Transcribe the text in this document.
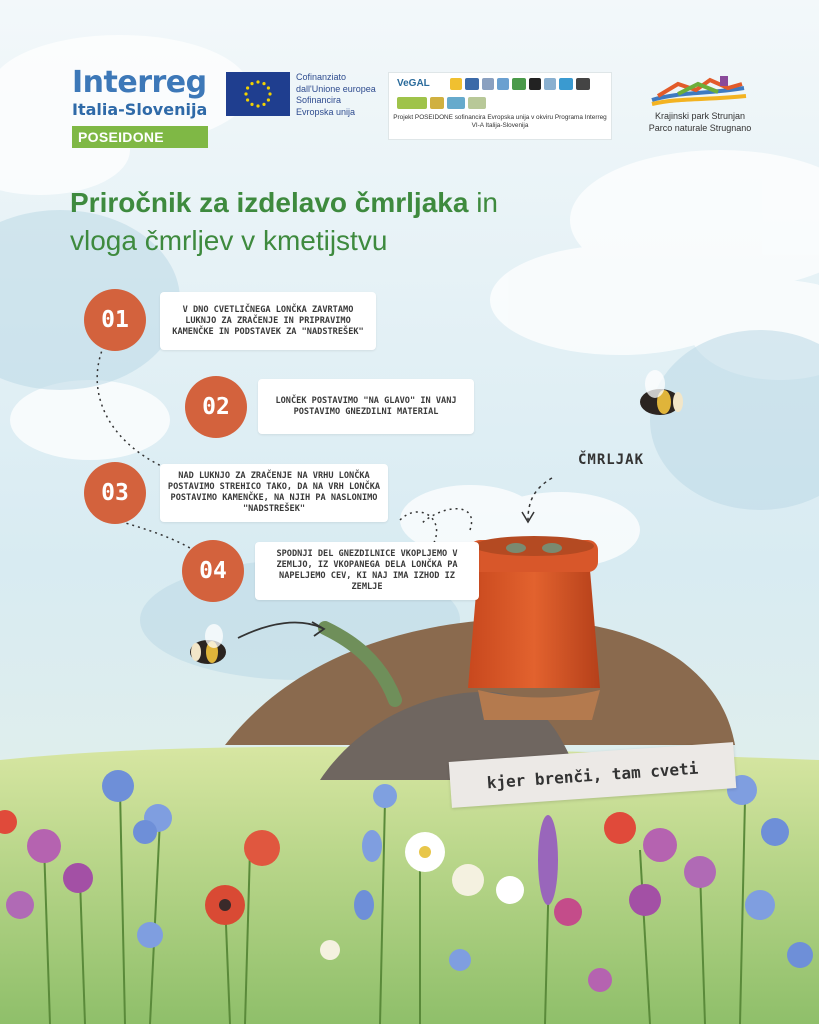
Interreg
Italia-Slovenija
POSEIDONE
Cofinanziato
dall'Unione europea
Sofinancira
Evropska unija
VeGAL
Projekt POSEIDONE sofinancira Evropska unija v okviru Programa Interreg VI-A Italija-Slovenija
Krajinski park Strunjan
Parco naturale Strugnano
Priročnik za izdelavo čmrljaka in
vloga čmrljev v kmetijstvu
01	V DNO CVETLIČNEGA LONČKA ZAVRTAMO LUKNJO ZA ZRAČENJE IN PRIPRAVIMO KAMENČKE IN PODSTAVEK ZA "NADSTREŠEK"
02	LONČEK POSTAVIMO "NA GLAVO" IN VANJ POSTAVIMO GNEZDILNI MATERIAL
03
NAD LUKNJO ZA ZRAČENJE NA VRHU LONČKA POSTAVIMO STREHICO TAKO, DA NA VRH LONČKA POSTAVIMO KAMENČKE, NA NJIH PA NASLONIMO "NADSTREŠEK"
04
SPODNJI DEL GNEZDILNICE VKOPLJEMO V ZEMLJO, IZ VKOPANEGA DELA LONČKA PA NAPELJEMO CEV, KI NAJ IMA IZHOD IZ ZEMLJE
ČMRLJAK
kjer brenči, tam cveti
